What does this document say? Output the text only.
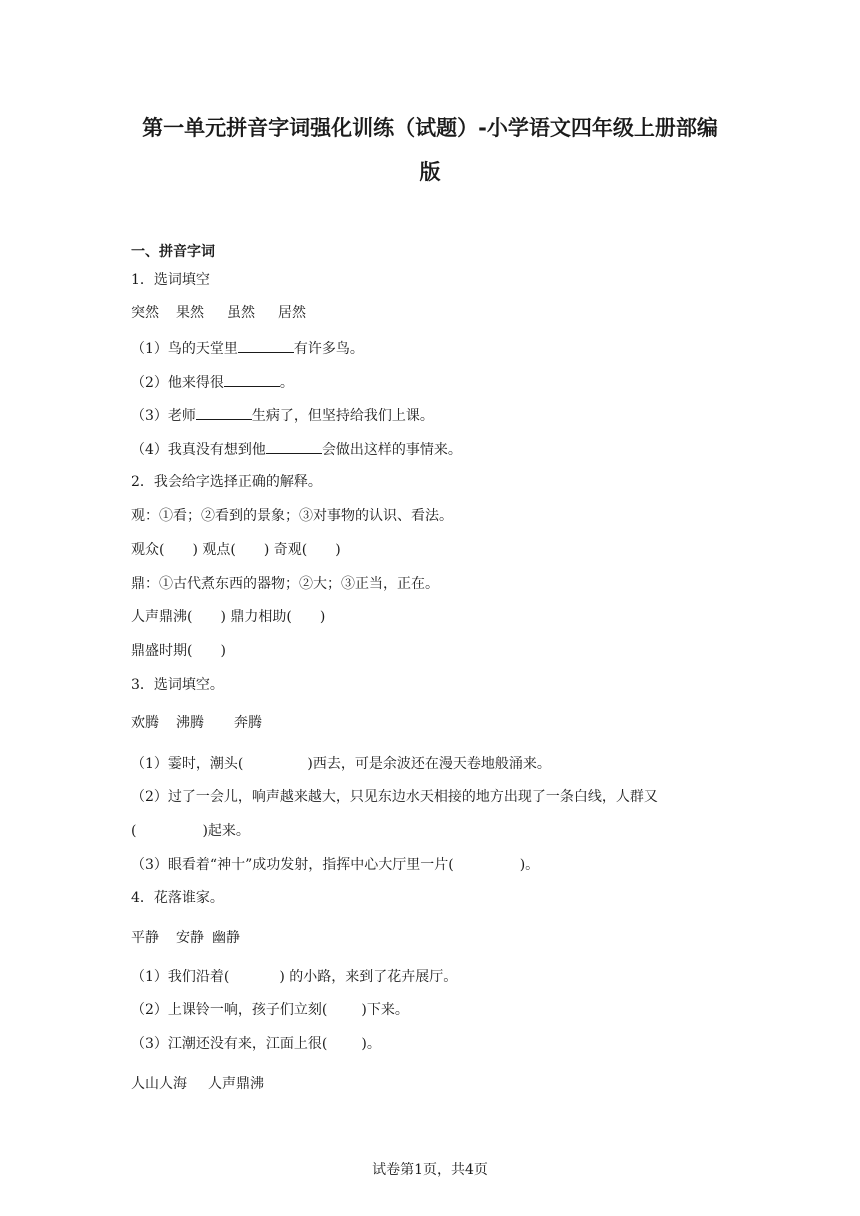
第一单元拼音字词强化训练（试题）-小学语文四年级上册部编
版
一、拼音字词
1．选词填空
突然 果然 虽然 居然
（1）鸟的天堂里	有许多鸟。
（2）他来得很	。
（3）老师	生病了，但坚持给我们上课。
（4）我真没有想到他	会做出这样的事情来。
2．我会给字选择正确的解释。
观：①看；②看到的景象；③对事物的认识、看法。
观众( ) 观点( ) 奇观( )
鼎：①古代煮东西的器物；②大；③正当，正在。
人声鼎沸( ) 鼎力相助( )
鼎盛时期( )
3．选词填空。
欢腾 沸腾 奔腾
（1）霎时，潮头(	)西去，可是余波还在漫天卷地般涌来。
（2）过了一会儿，响声越来越大，只见东边水天相接的地方出现了一条白线，人群又
(	)起来。
（3）眼看着“神十”成功发射，指挥中心大厅里一片(	)。
4．花落谁家。
平静 安静 幽静
（1）我们沿着(	) 的小路，来到了花卉展厅。
（2）上课铃一响，孩子们立刻( )下来。
（3）江潮还没有来，江面上很( )。
人山人海 人声鼎沸
试卷第1页，共4页
